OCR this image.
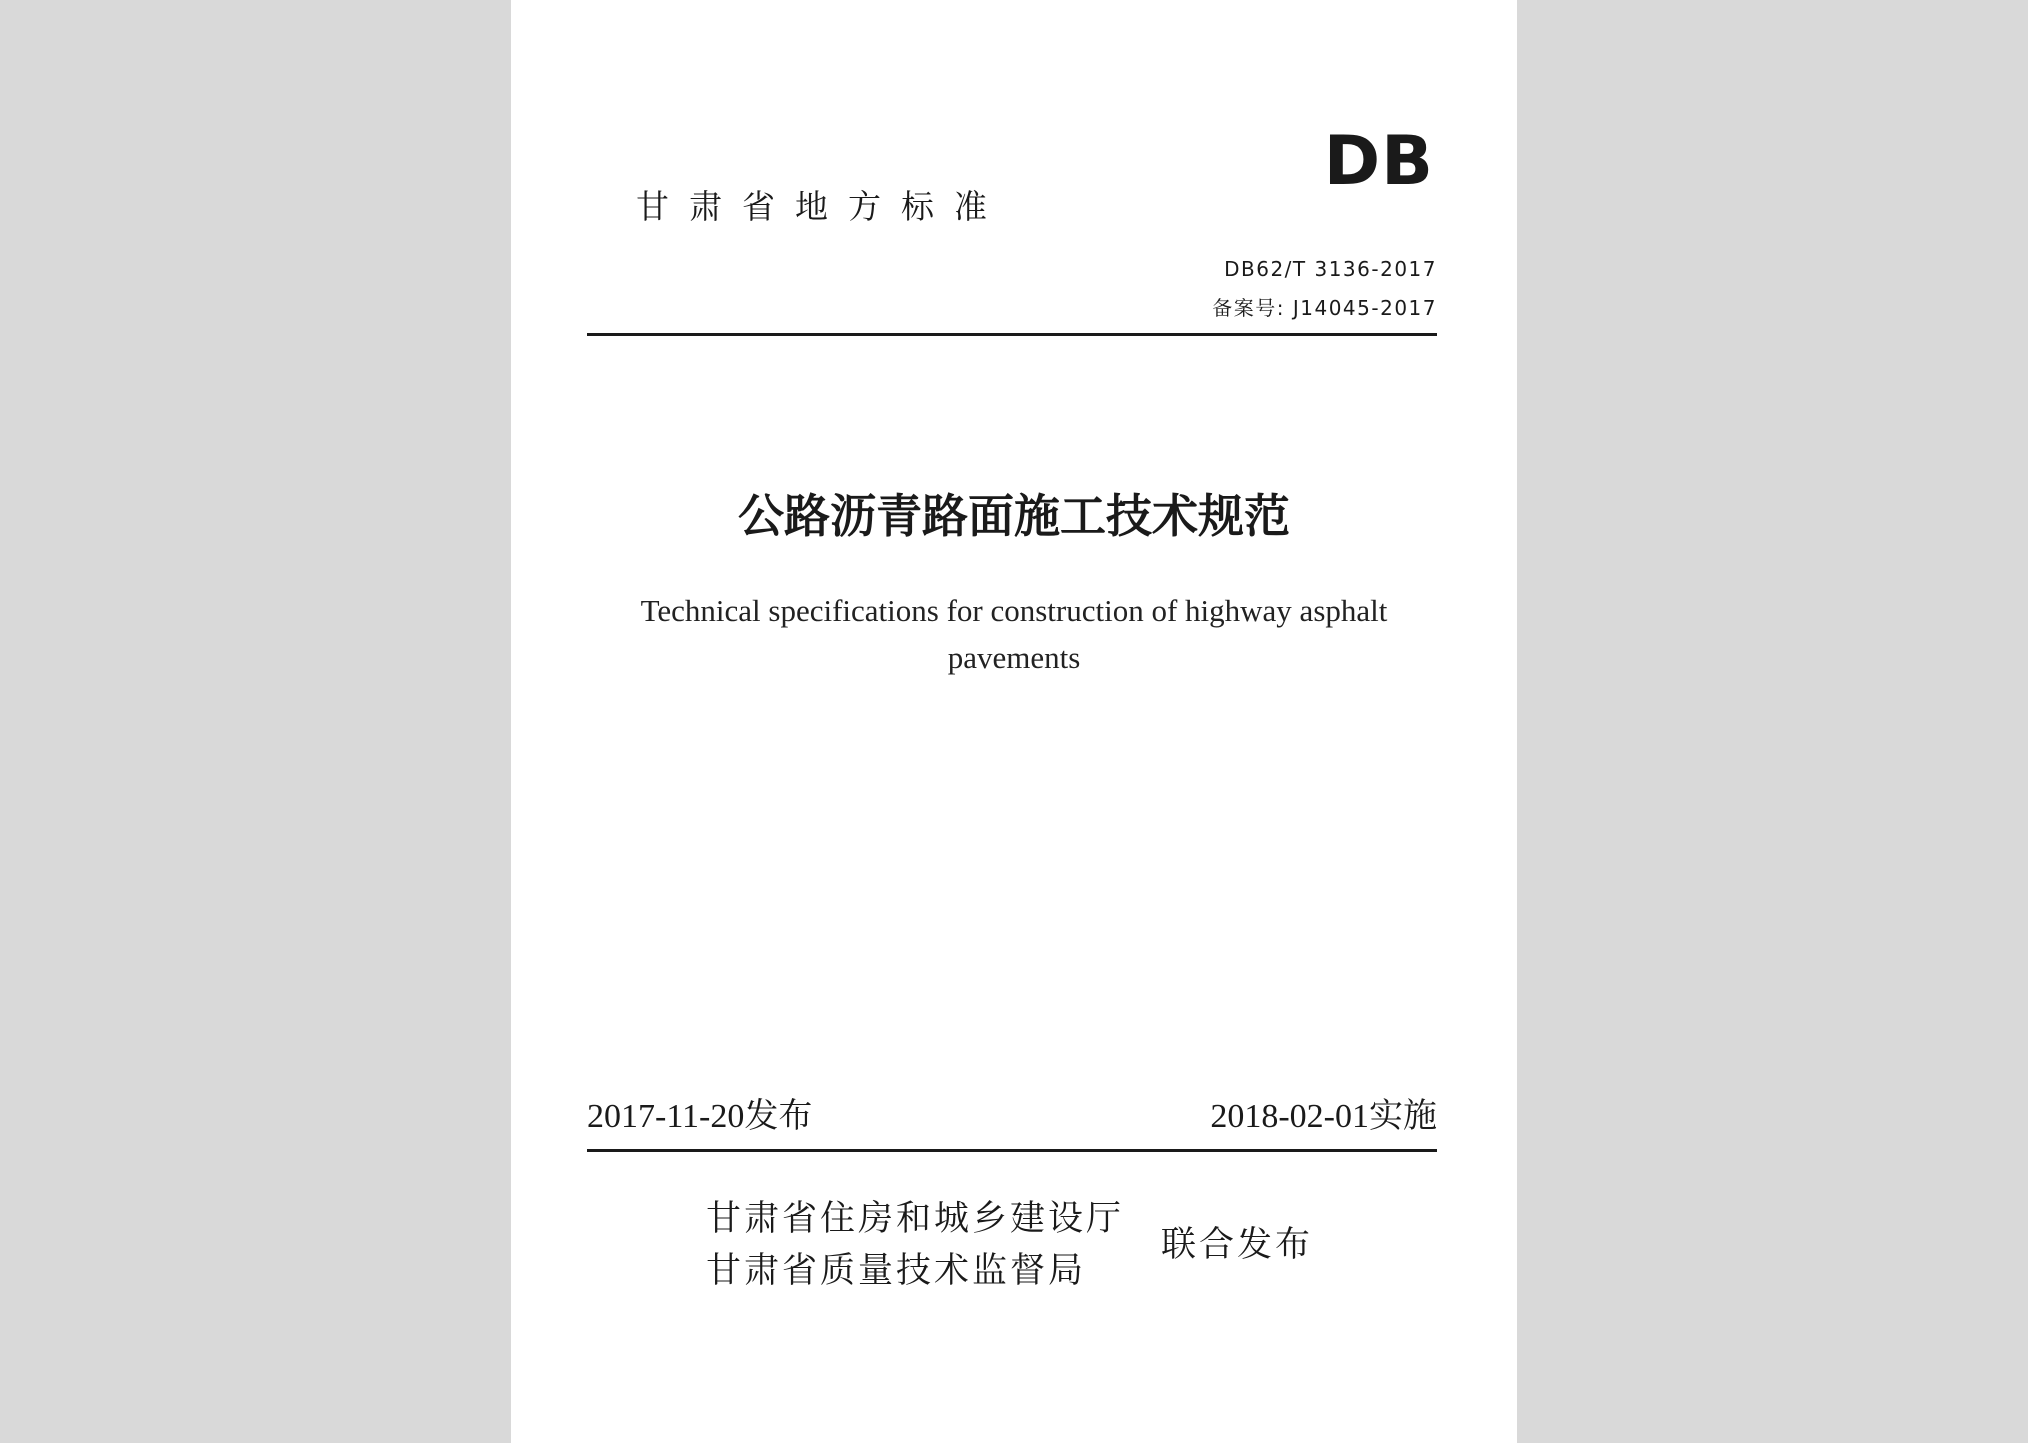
DB
甘肃省地方标准
DB62/T 3136-2017
备案号: J14045-2017
公路沥青路面施工技术规范
Technical specifications for construction of highway asphalt
pavements
2017-11-20发布	2018-02-01实施
甘肃省住房和城乡建设厅
甘肃省质量技术监督局
联合发布
